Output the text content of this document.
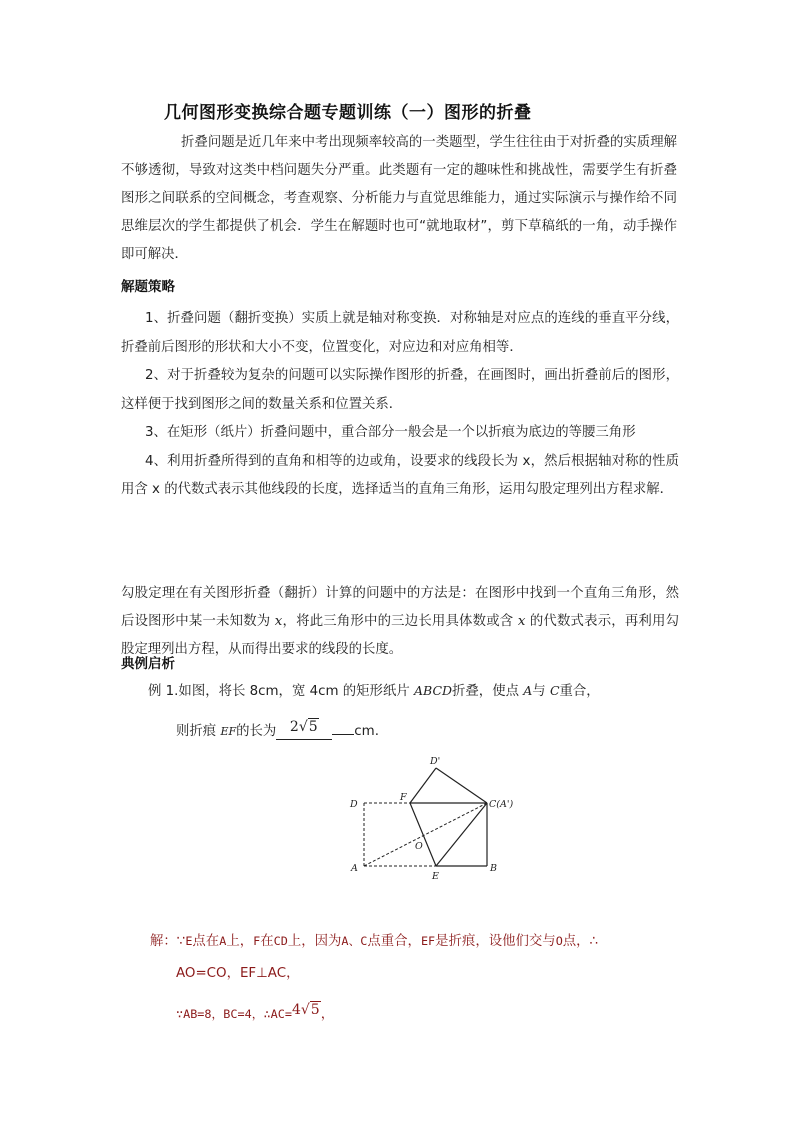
几何图形变换综合题专题训练（一）图形的折叠

折叠问题是近几年来中考出现频率较高的一类题型，学生往往由于对折叠的实质理解不够透彻，导致对这类中档问题失分严重。此类题有一定的趣味性和挑战性，需要学生有折叠图形之间联系的空间概念，考查观察、分析能力与直觉思维能力，通过实际演示与操作给不同思维层次的学生都提供了机会．学生在解题时也可“就地取材”，剪下草稿纸的一角，动手操作即可解决．

解题策略

1、折叠问题（翻折变换）实质上就是轴对称变换．对称轴是对应点的连线的垂直平分线，折叠前后图形的形状和大小不变，位置变化，对应边和对应角相等．

2、对于折叠较为复杂的问题可以实际操作图形的折叠，在画图时，画出折叠前后的图形，这样便于找到图形之间的数量关系和位置关系．

3、在矩形（纸片）折叠问题中，重合部分一般会是一个以折痕为底边的等腰三角形

4、利用折叠所得到的直角和相等的边或角，设要求的线段长为 x，然后根据轴对称的性质用含 x 的代数式表示其他线段的长度，选择适当的直角三角形，运用勾股定理列出方程求解．

勾股定理在有关图形折叠（翻折）计算的问题中的方法是：在图形中找到一个直角三角形，然后设图形中某一未知数为 x，将此三角形中的三边长用具体数或含 x 的代数式表示，再利用勾股定理列出方程，从而得出要求的线段的长度。

典例启析
例 1.如图，将长 8cm，宽 4cm 的矩形纸片 ABCD折叠，使点 A与 C重合，
则折痕 EF的长为 2√5	cm.
D'
D
F
C(A')
O
A
E
B
解：∵E点在A上，F在CD上，因为A、C点重合，EF是折痕，设他们交与O点，∴
AO=CO，EF⊥AC，
∵AB=8，BC=4，∴AC=4√5，
